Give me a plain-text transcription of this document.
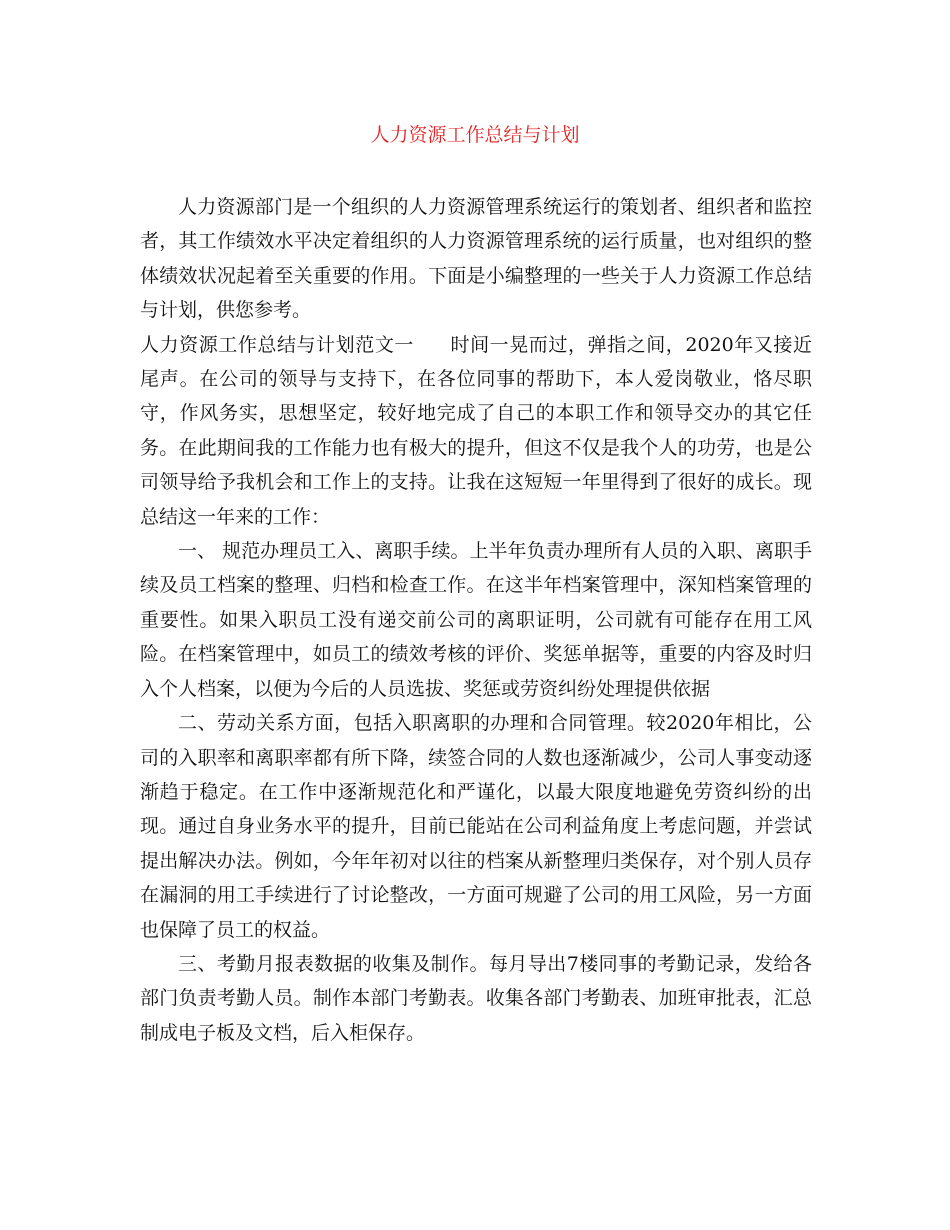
人力资源工作总结与计划

人力资源部门是一个组织的人力资源管理系统运行的策划者、组织者和监控者，其工作绩效水平决定着组织的人力资源管理系统的运行质量，也对组织的整体绩效状况起着至关重要的作用。下面是小编整理的一些关于人力资源工作总结与计划，供您参考。

人力资源工作总结与计划范文一 时间一晃而过，弹指之间，2020年又接近尾声。在公司的领导与支持下，在各位同事的帮助下，本人爱岗敬业，恪尽职守，作风务实，思想坚定，较好地完成了自己的本职工作和领导交办的其它任务。在此期间我的工作能力也有极大的提升，但这不仅是我个人的功劳，也是公司领导给予我机会和工作上的支持。让我在这短短一年里得到了很好的成长。现总结这一年来的工作：

一、 规范办理员工入、离职手续。上半年负责办理所有人员的入职、离职手续及员工档案的整理、归档和检查工作。在这半年档案管理中，深知档案管理的重要性。如果入职员工没有递交前公司的离职证明，公司就有可能存在用工风险。在档案管理中，如员工的绩效考核的评价、奖惩单据等，重要的内容及时归入个人档案，以便为今后的人员选拔、奖惩或劳资纠纷处理提供依据

二、劳动关系方面，包括入职离职的办理和合同管理。较2020年相比，公司的入职率和离职率都有所下降，续签合同的人数也逐渐减少，公司人事变动逐渐趋于稳定。在工作中逐渐规范化和严谨化，以最大限度地避免劳资纠纷的出现。通过自身业务水平的提升，目前已能站在公司利益角度上考虑问题，并尝试提出解决办法。例如，今年年初对以往的档案从新整理归类保存，对个别人员存在漏洞的用工手续进行了讨论整改，一方面可规避了公司的用工风险，另一方面也保障了员工的权益。

三、考勤月报表数据的收集及制作。每月导出7楼同事的考勤记录，发给各部门负责考勤人员。制作本部门考勤表。收集各部门考勤表、加班审批表，汇总制成电子板及文档，后入柜保存。
